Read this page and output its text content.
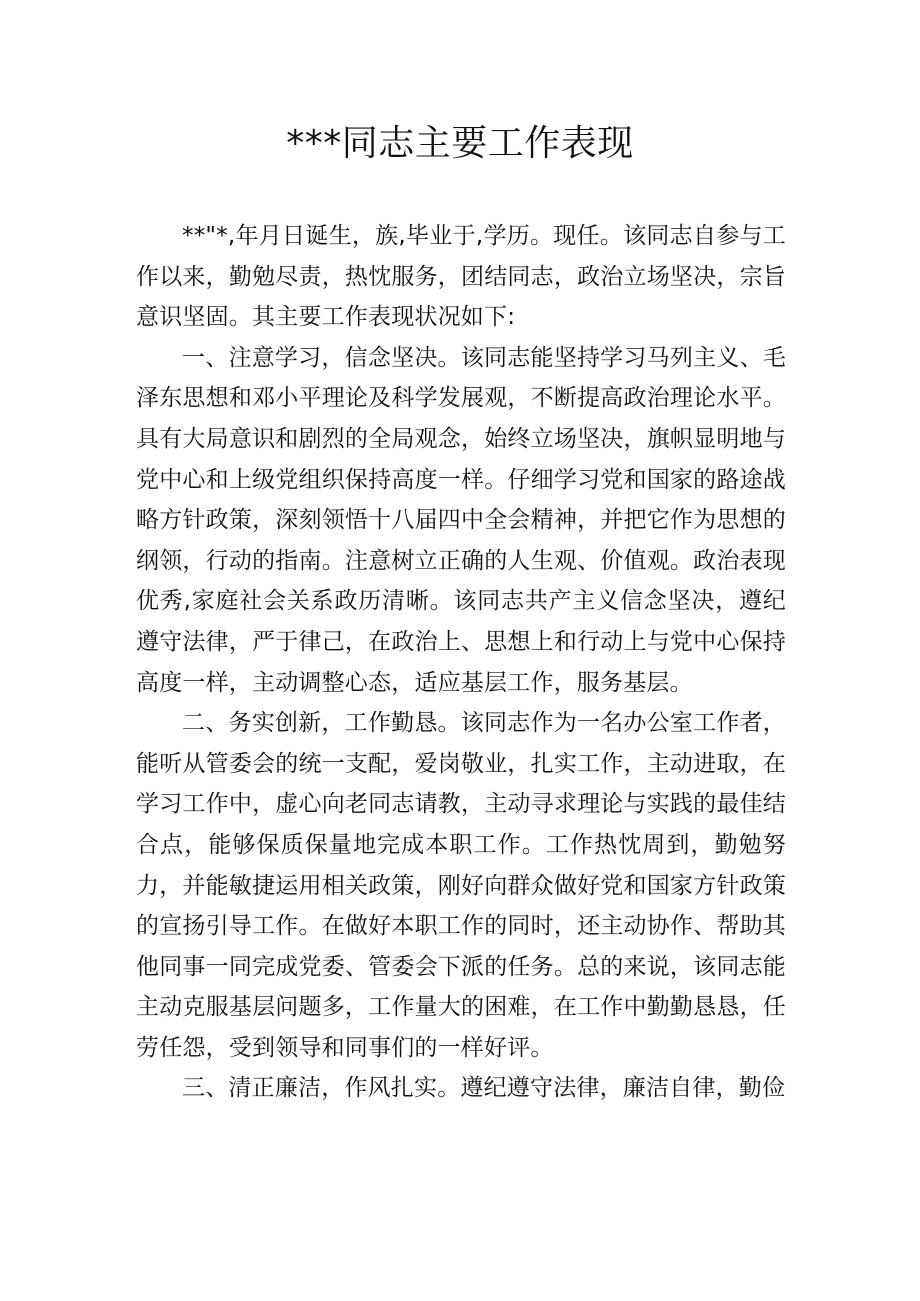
***同志主要工作表现

**"*,年月日诞生，族,毕业于,学历。现任。该同志自参与工作以来，勤勉尽责，热忱服务，团结同志，政治立场坚决，宗旨意识坚固。其主要工作表现状况如下:

一、注意学习，信念坚决。该同志能坚持学习马列主义、毛泽东思想和邓小平理论及科学发展观，不断提高政治理论水平。具有大局意识和剧烈的全局观念，始终立场坚决，旗帜显明地与党中心和上级党组织保持高度一样。仔细学习党和国家的路途战略方针政策，深刻领悟十八届四中全会精神，并把它作为思想的纲领，行动的指南。注意树立正确的人生观、价值观。政治表现优秀,家庭社会关系政历清晰。该同志共产主义信念坚决，遵纪遵守法律，严于律己，在政治上、思想上和行动上与党中心保持高度一样，主动调整心态，适应基层工作，服务基层。

二、务实创新，工作勤恳。该同志作为一名办公室工作者，能听从管委会的统一支配，爱岗敬业，扎实工作，主动进取，在学习工作中，虚心向老同志请教，主动寻求理论与实践的最佳结合点，能够保质保量地完成本职工作。工作热忱周到，勤勉努力，并能敏捷运用相关政策，刚好向群众做好党和国家方针政策的宣扬引导工作。在做好本职工作的同时，还主动协作、帮助其他同事一同完成党委、管委会下派的任务。总的来说，该同志能主动克服基层问题多，工作量大的困难，在工作中勤勤恳恳，任劳任怨，受到领导和同事们的一样好评。

三、清正廉洁，作风扎实。遵纪遵守法律，廉洁自律，勤俭
